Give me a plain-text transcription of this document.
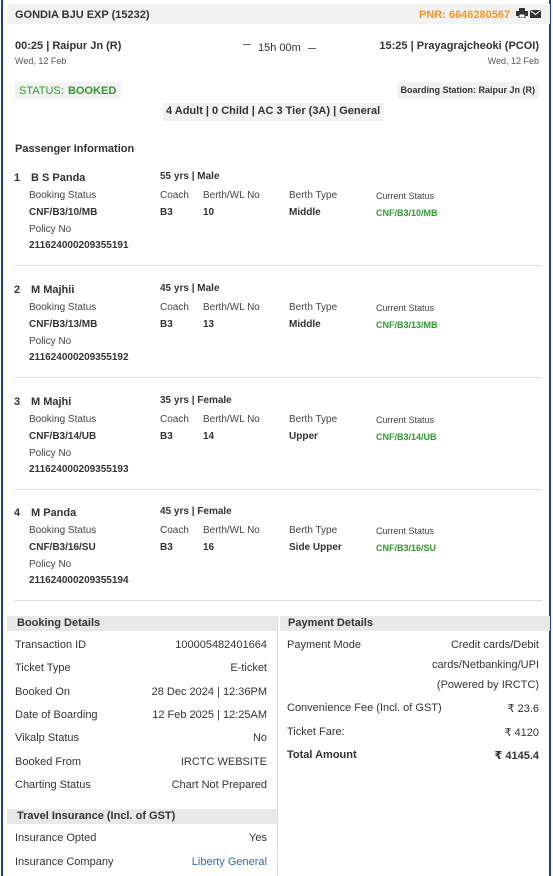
GONDIA BJU EXP (15232)	PNR: 6646280567
00:25 | Raipur Jn (R)
Wed, 12 Feb
15h 00m	15:25 | Prayagrajcheoki (PCOI)
Wed, 12 Feb
STATUS: BOOKED	Boarding Station: Raipur Jn (R)
4 Adult | 0 Child | AC 3 Tier (3A) | General
Passenger Information
1 B S Panda	55 yrs | Male
Booking Status
CNF/B3/10/MB
Policy No
211624000209355191
Coach
B3
Berth/WL No
10
Berth Type
Middle
Current Status
CNF/B3/10/MB
2 M Majhii	45 yrs | Male
Booking Status
CNF/B3/13/MB
Policy No
211624000209355192
Coach
B3
Berth/WL No
13
Berth Type
Middle
Current Status
CNF/B3/13/MB
3 M Majhi	35 yrs | Female
Booking Status
CNF/B3/14/UB
Policy No
211624000209355193
Coach
B3
Berth/WL No
14
Berth Type
Upper
Current Status
CNF/B3/14/UB
4 M Panda	45 yrs | Female
Booking Status
CNF/B3/16/SU
Policy No
211624000209355194
Coach
B3
Berth/WL No
16
Berth Type
Side Upper
Current Status
CNF/B3/16/SU
Booking Details	Payment Details
Transaction ID	100005482401664
Ticket Type	E-ticket
Booked On	28 Dec 2024 | 12:36PM
Date of Boarding	12 Feb 2025 | 12:25AM
Vikalp Status	No
Booked From	IRCTC WEBSITE
Charting Status	Chart Not Prepared
Payment Mode	Credit cards/Debit
cards/Netbanking/UPI
(Powered by IRCTC)
Convenience Fee (Incl. of GST)	₹ 23.6
Ticket Fare:	₹ 4120
Total Amount	₹ 4145.4
Travel Insurance (Incl. of GST)
Insurance Opted	Yes
Insurance Company	Liberty General
